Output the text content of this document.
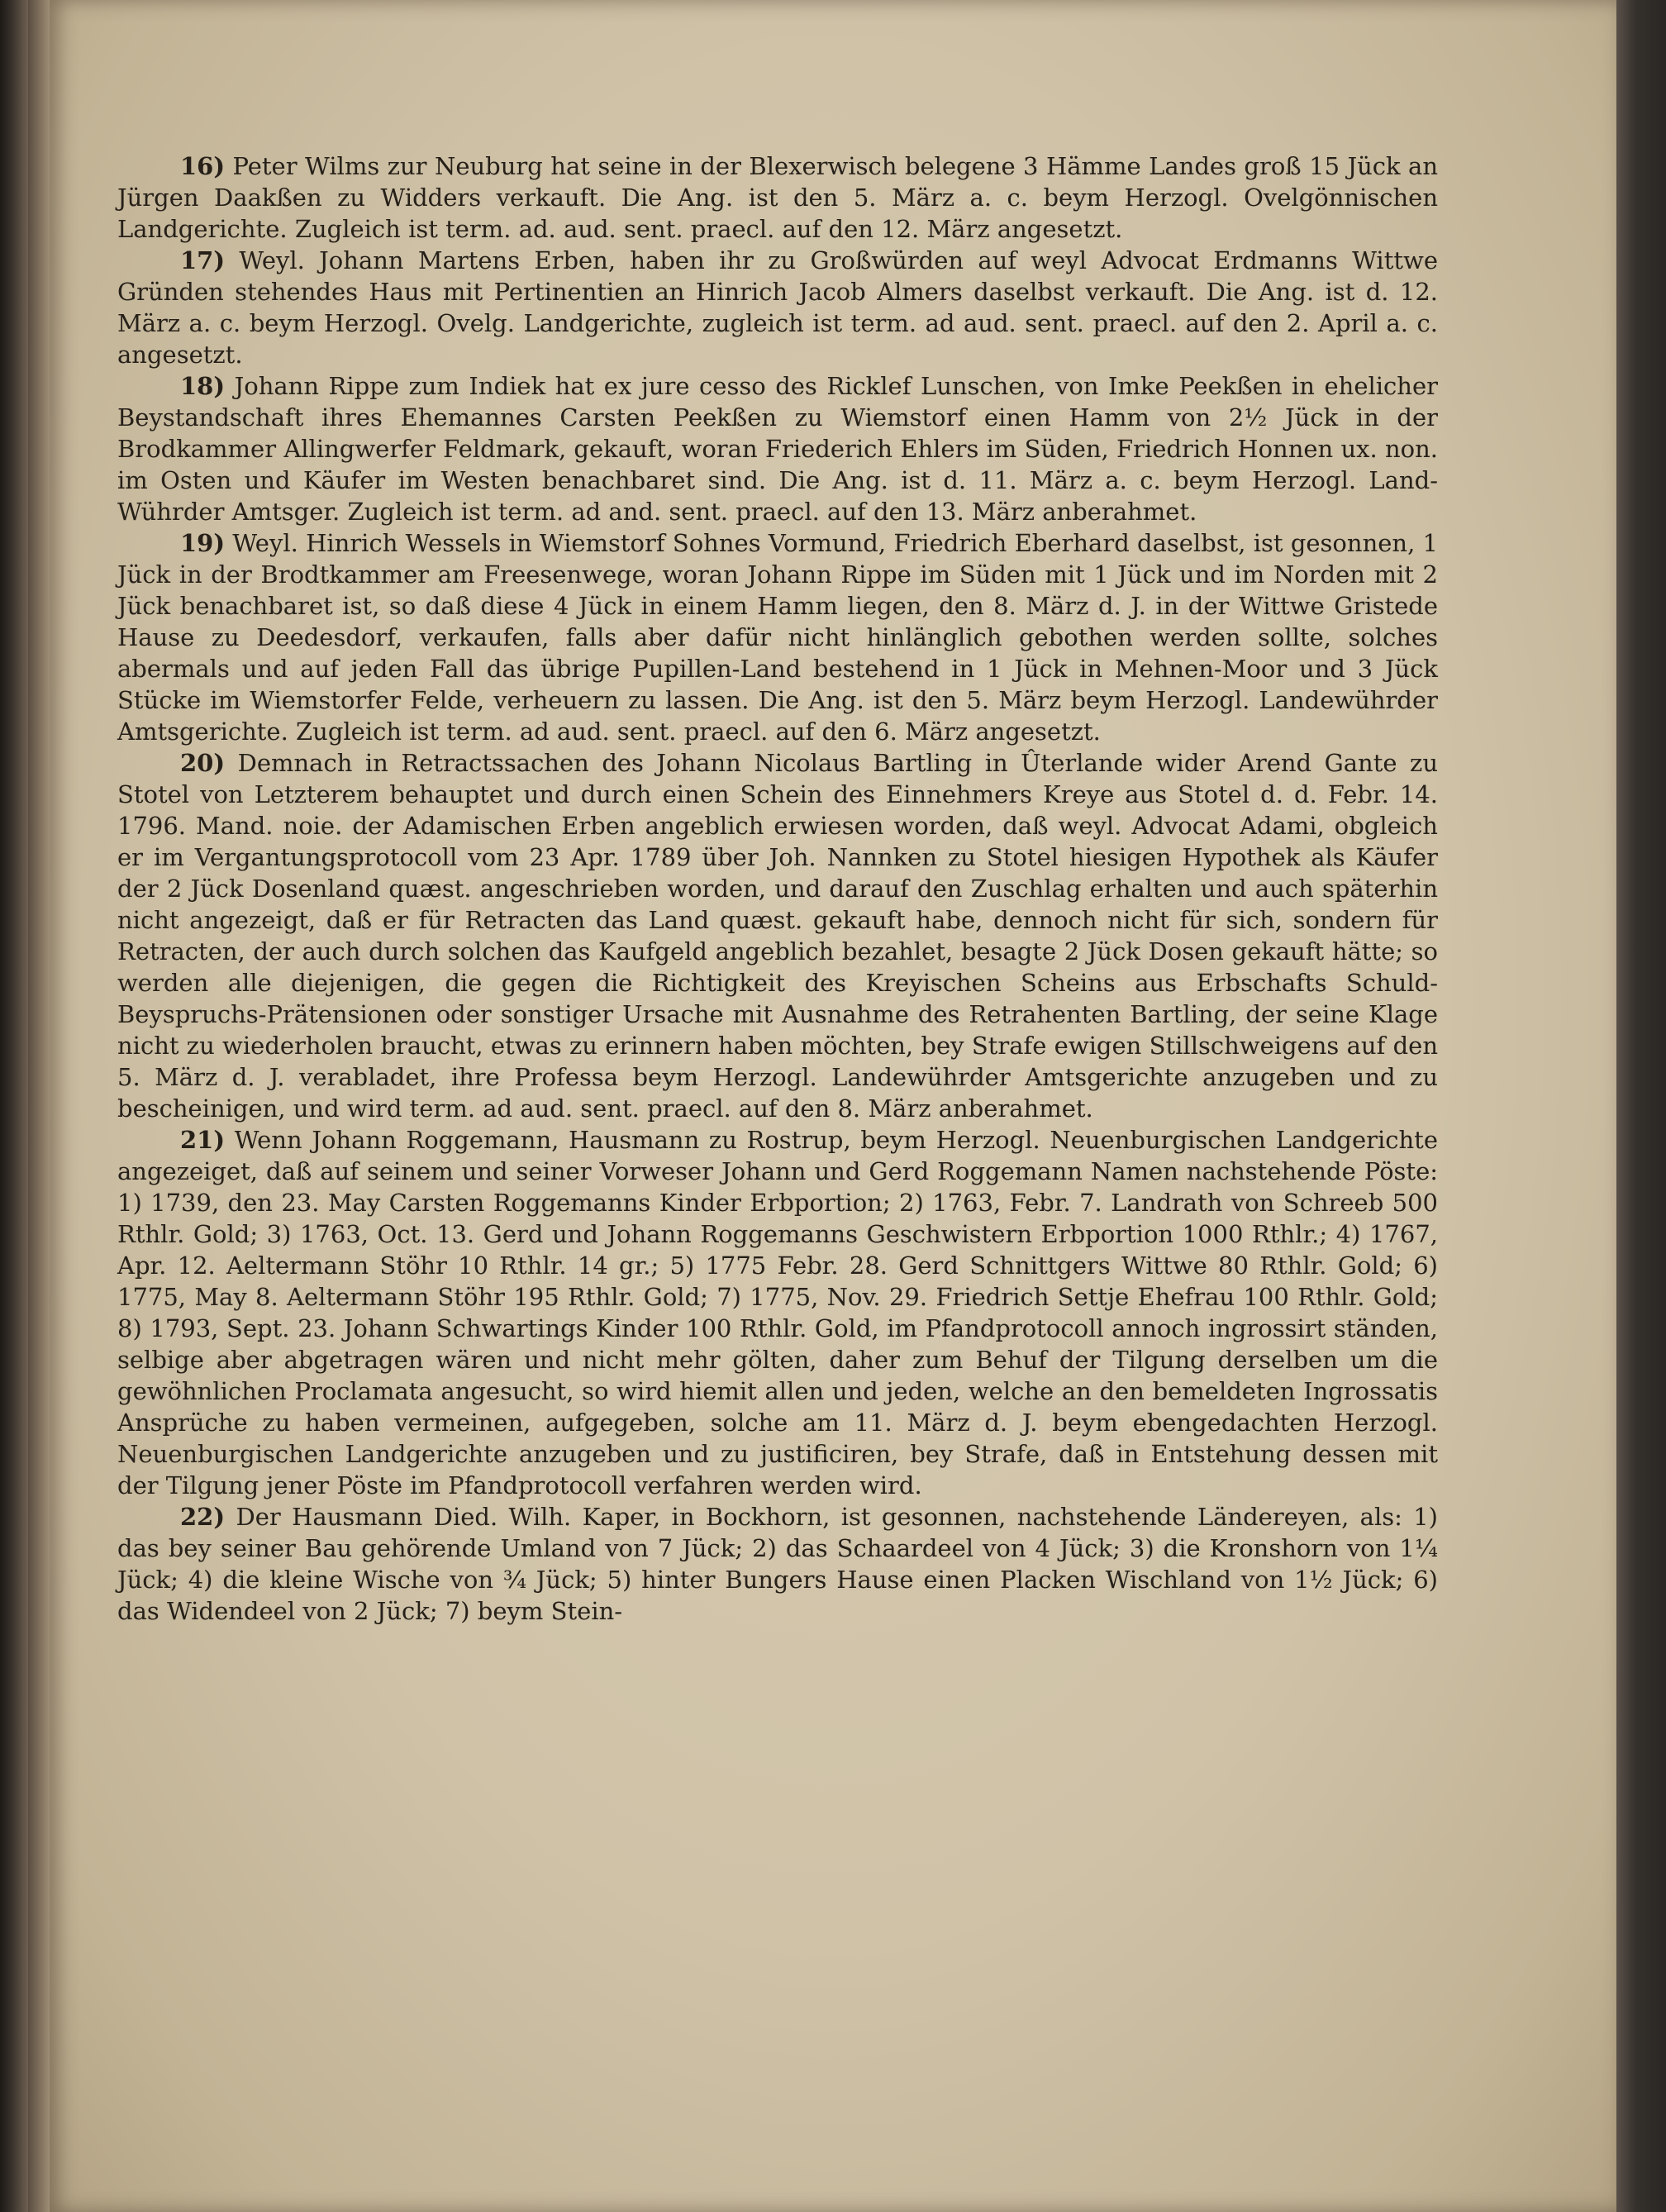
16) Peter Wilms zur Neuburg hat seine in der Blexerwisch belegene 3 Hämme Landes groß 15 Jück an Jürgen Daakßen zu Widders verkauft. Die Ang. ist den 5. März a. c. beym Herzogl. Ovelgönnischen Landgerichte. Zugleich ist term. ad. aud. sent. praecl. auf den 12. März angesetzt.
17) Weyl. Johann Martens Erben, haben ihr zu Großwürden auf weyl Advocat Erdmanns Wittwe Gründen stehendes Haus mit Pertinentien an Hinrich Jacob Almers daselbst verkauft. Die Ang. ist d. 12. März a. c. beym Herzogl. Ovelg. Landgerichte, zugleich ist term. ad aud. sent. praecl. auf den 2. April a. c. angesetzt.
18) Johann Rippe zum Indiek hat ex jure cesso des Ricklef Lunschen, von Imke Peekßen in ehelicher Beystandschaft ihres Ehemannes Carsten Peekßen zu Wiemstorf einen Hamm von 2½ Jück in der Brodkammer Allingwerfer Feldmark, gekauft, woran Friederich Ehlers im Süden, Friedrich Honnen ux. non. im Osten und Käufer im Westen benachbaret sind. Die Ang. ist d. 11. März a. c. beym Herzogl. Land-Wührder Amtsger. Zugleich ist term. ad and. sent. praecl. auf den 13. März anberahmet.
19) Weyl. Hinrich Wessels in Wiemstorf Sohnes Vormund, Friedrich Eberhard daselbst, ist gesonnen, 1 Jück in der Brodtkammer am Freesenwege, woran Johann Rippe im Süden mit 1 Jück und im Norden mit 2 Jück benachbaret ist, so daß diese 4 Jück in einem Hamm liegen, den 8. März d. J. in der Wittwe Gristede Hause zu Deedesdorf, verkaufen, falls aber dafür nicht hinlänglich gebothen werden sollte, solches abermals und auf jeden Fall das übrige Pupillen-Land bestehend in 1 Jück in Mehnen-Moor und 3 Jück Stücke im Wiemstorfer Felde, verheuern zu lassen. Die Ang. ist den 5. März beym Herzogl. Landewührder Amtsgerichte. Zugleich ist term. ad aud. sent. praecl. auf den 6. März angesetzt.
20) Demnach in Retractssachen des Johann Nicolaus Bartling in Ûterlande wider Arend Gante zu Stotel von Letzterem behauptet und durch einen Schein des Einnehmers Kreye aus Stotel d. d. Febr. 14. 1796. Mand. noie. der Adamischen Erben angeblich erwiesen worden, daß weyl. Advocat Adami, obgleich er im Vergantungsprotocoll vom 23 Apr. 1789 über Joh. Nannken zu Stotel hiesigen Hypothek als Käufer der 2 Jück Dosenland quæst. angeschrieben worden, und darauf den Zuschlag erhalten und auch späterhin nicht angezeigt, daß er für Retracten das Land quæst. gekauft habe, dennoch nicht für sich, sondern für Retracten, der auch durch solchen das Kaufgeld angeblich bezahlet, besagte 2 Jück Dosen gekauft hätte; so werden alle diejenigen, die gegen die Richtigkeit des Kreyischen Scheins aus Erbschafts Schuld-Beyspruchs-Prätensionen oder sonstiger Ursache mit Ausnahme des Retrahenten Bartling, der seine Klage nicht zu wiederholen braucht, etwas zu erinnern haben möchten, bey Strafe ewigen Stillschweigens auf den 5. März d. J. verabladet, ihre Professa beym Herzogl. Landewührder Amtsgerichte anzugeben und zu bescheinigen, und wird term. ad aud. sent. praecl. auf den 8. März anberahmet.
21) Wenn Johann Roggemann, Hausmann zu Rostrup, beym Herzogl. Neuenburgischen Landgerichte angezeiget, daß auf seinem und seiner Vorweser Johann und Gerd Roggemann Namen nachstehende Pöste: 1) 1739, den 23. May Carsten Roggemanns Kinder Erbportion; 2) 1763, Febr. 7. Landrath von Schreeb 500 Rthlr. Gold; 3) 1763, Oct. 13. Gerd und Johann Roggemanns Geschwistern Erbportion 1000 Rthlr.; 4) 1767, Apr. 12. Aeltermann Stöhr 10 Rthlr. 14 gr.; 5) 1775 Febr. 28. Gerd Schnittgers Wittwe 80 Rthlr. Gold; 6) 1775, May 8. Aeltermann Stöhr 195 Rthlr. Gold; 7) 1775, Nov. 29. Friedrich Settje Ehefrau 100 Rthlr. Gold; 8) 1793, Sept. 23. Johann Schwartings Kinder 100 Rthlr. Gold, im Pfandprotocoll annoch ingrossirt ständen, selbige aber abgetragen wären und nicht mehr gölten, daher zum Behuf der Tilgung derselben um die gewöhnlichen Proclamata angesucht, so wird hiemit allen und jeden, welche an den bemeldeten Ingrossatis Ansprüche zu haben vermeinen, aufgegeben, solche am 11. März d. J. beym ebengedachten Herzogl. Neuenburgischen Landgerichte anzugeben und zu justificiren, bey Strafe, daß in Entstehung dessen mit der Tilgung jener Pöste im Pfandprotocoll verfahren werden wird.
22) Der Hausmann Died. Wilh. Kaper, in Bockhorn, ist gesonnen, nachstehende Ländereyen, als: 1) das bey seiner Bau gehörende Umland von 7 Jück; 2) das Schaardeel von 4 Jück; 3) die Kronshorn von 1¼ Jück; 4) die kleine Wische von ¾ Jück; 5) hinter Bungers Hause einen Placken Wischland von 1½ Jück; 6) das Widendeel von 2 Jück; 7) beym Stein-
